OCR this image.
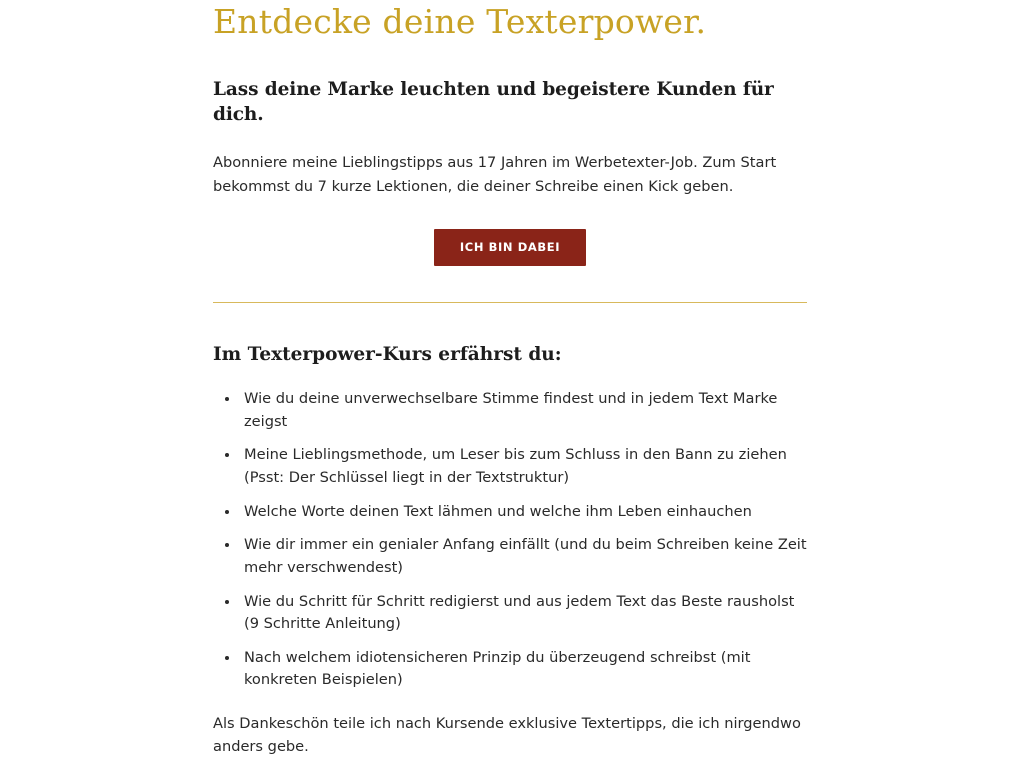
Entdecke deine Texterpower.
Lass deine Marke leuchten und begeistere Kunden für dich.

Abonniere meine Lieblingstipps aus 17 Jahren im Werbetexter-Job. Zum Start bekommst du 7 kurze Lektionen, die deiner Schreibe einen Kick geben.

ICH BIN DABEI
Im Texterpower-Kurs erfährst du:
• Wie du deine unverwechselbare Stimme findest und in jedem Text Marke zeigst
• Meine Lieblingsmethode, um Leser bis zum Schluss in den Bann zu ziehen (Psst: Der Schlüssel liegt in der Textstruktur)
• Welche Worte deinen Text lähmen und welche ihm Leben einhauchen
• Wie dir immer ein genialer Anfang einfällt (und du beim Schreiben keine Zeit mehr verschwendest)
• Wie du Schritt für Schritt redigierst und aus jedem Text das Beste rausholst (9 Schritte Anleitung)
• Nach welchem idiotensicheren Prinzip du überzeugend schreibst (mit konkreten Beispielen)

Als Dankeschön teile ich nach Kursende exklusive Textertipps, die ich nirgendwo anders gebe.
